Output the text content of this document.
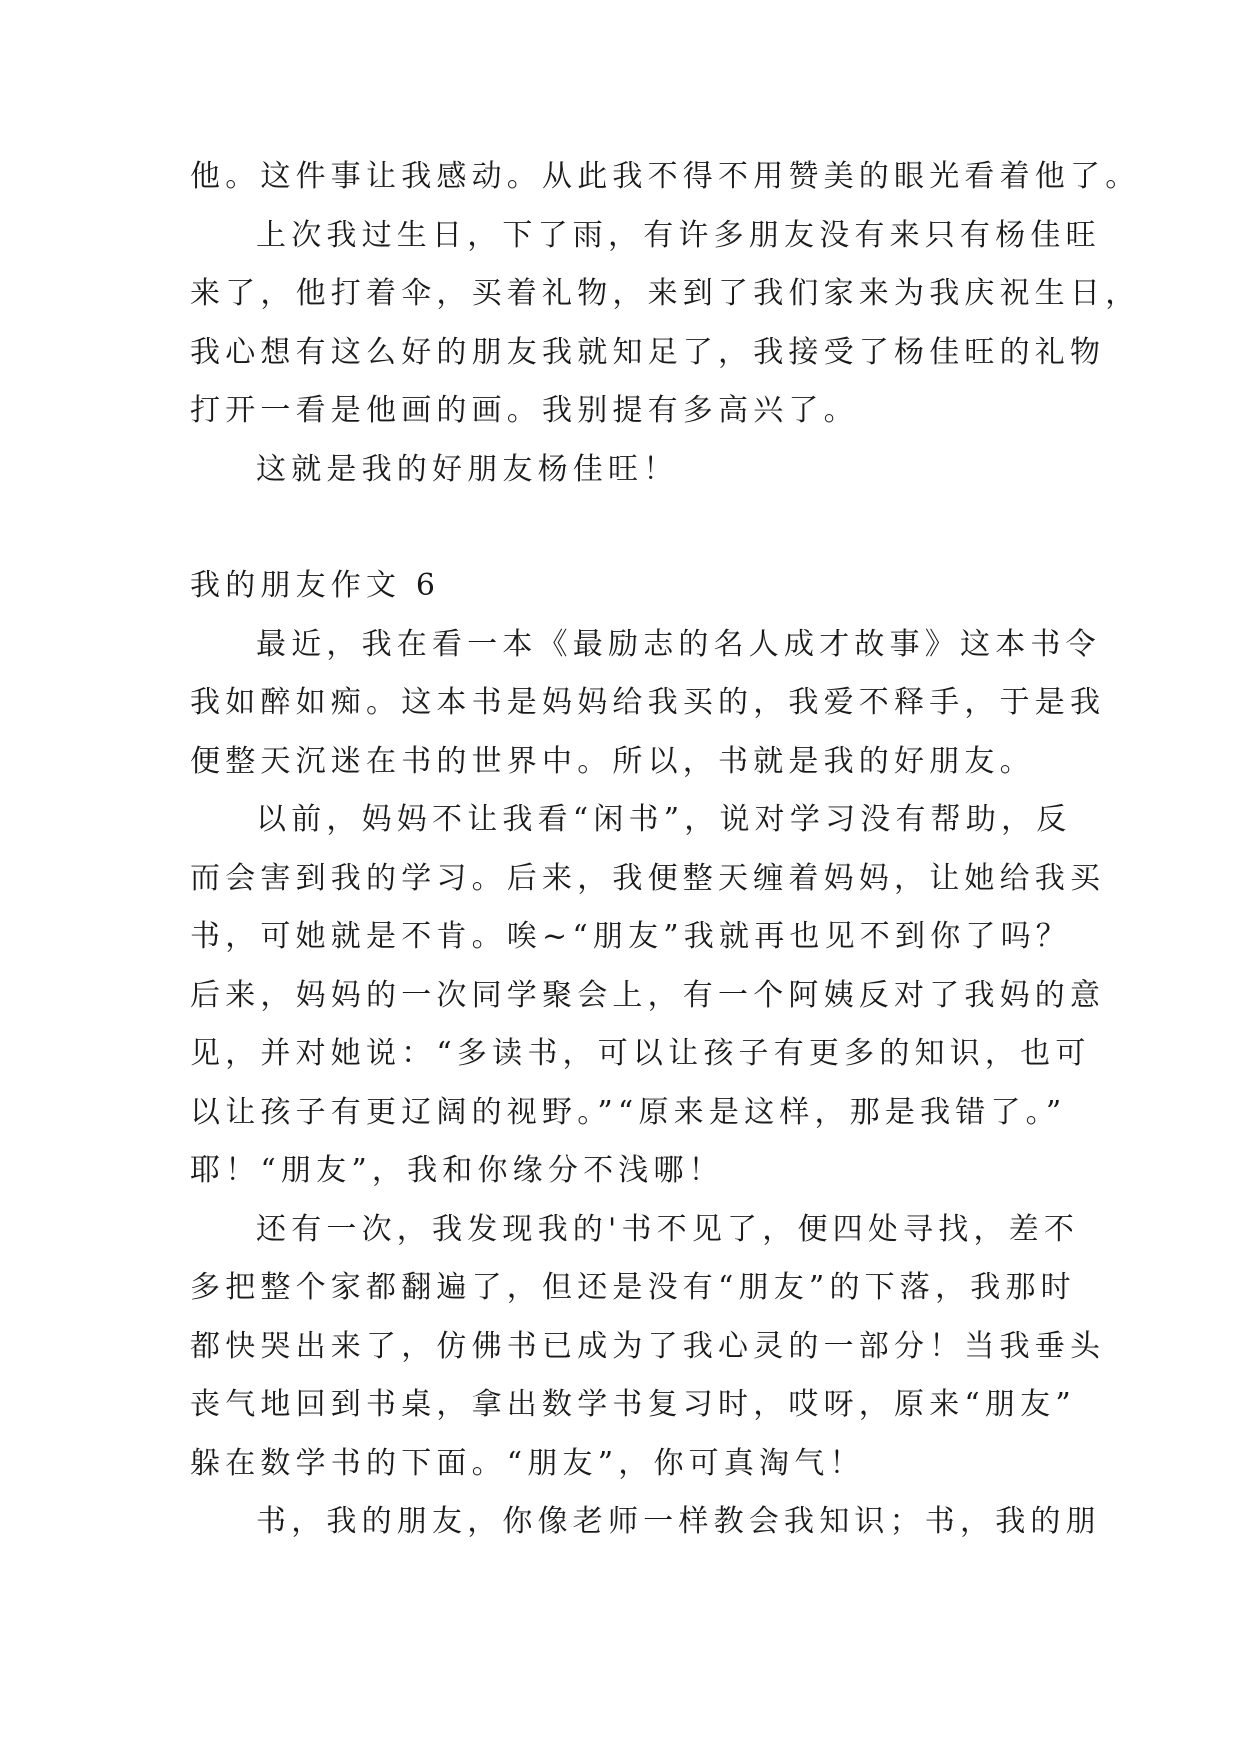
他。这件事让我感动。从此我不得不用赞美的眼光看着他了。
上次我过生日，下了雨，有许多朋友没有来只有杨佳旺
来了，他打着伞，买着礼物，来到了我们家来为我庆祝生日，
我心想有这么好的朋友我就知足了，我接受了杨佳旺的礼物
打开一看是他画的画。我别提有多高兴了。
这就是我的好朋友杨佳旺！
我的朋友作文 6
最近，我在看一本《最励志的名人成才故事》这本书令
我如醉如痴。这本书是妈妈给我买的，我爱不释手，于是我
便整天沉迷在书的世界中。所以，书就是我的好朋友。
以前，妈妈不让我看“闲书”，说对学习没有帮助，反
而会害到我的学习。后来，我便整天缠着妈妈，让她给我买
书，可她就是不肯。唉~“朋友”我就再也见不到你了吗？
后来，妈妈的一次同学聚会上，有一个阿姨反对了我妈的意
见，并对她说：“多读书，可以让孩子有更多的知识，也可
以让孩子有更辽阔的视野。”“原来是这样，那是我错了。”
耶！“朋友”，我和你缘分不浅哪！
还有一次，我发现我的'书不见了，便四处寻找，差不
多把整个家都翻遍了，但还是没有“朋友”的下落，我那时
都快哭出来了，仿佛书已成为了我心灵的一部分！当我垂头
丧气地回到书桌，拿出数学书复习时，哎呀，原来“朋友”
躲在数学书的下面。“朋友”，你可真淘气！
书，我的朋友，你像老师一样教会我知识；书，我的朋
